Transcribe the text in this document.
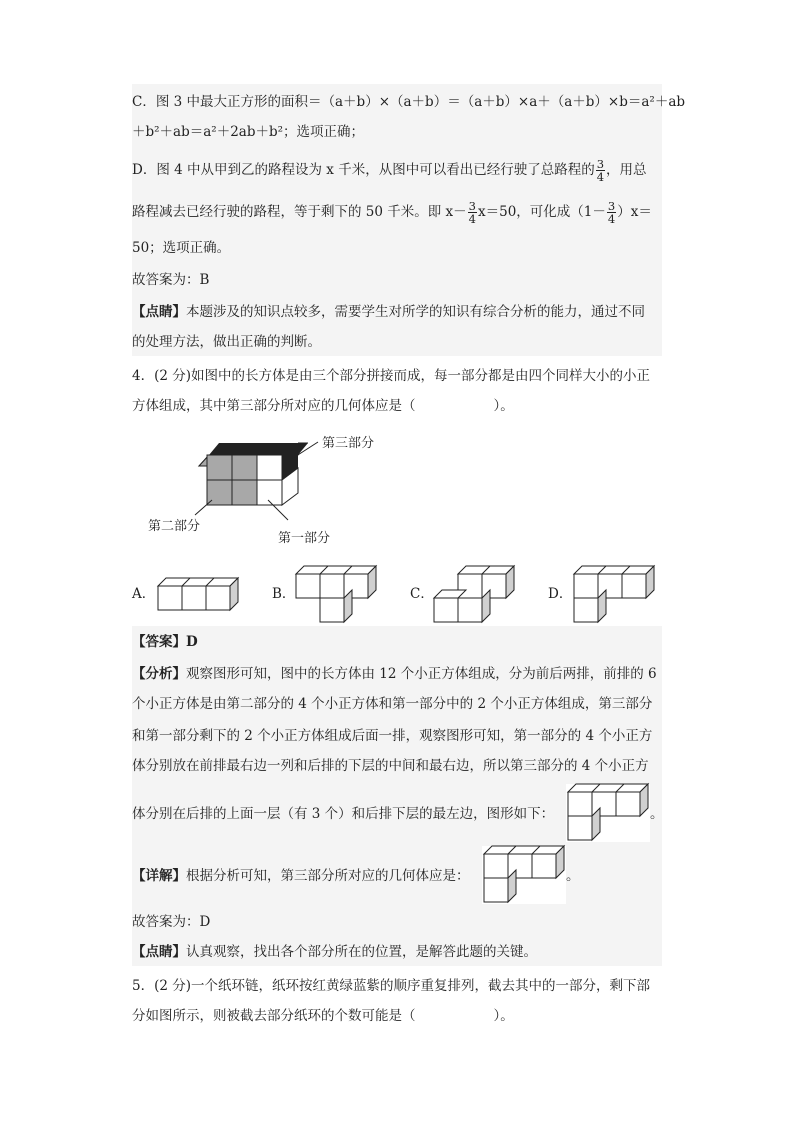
C．图 3 中最大正方形的面积＝（a＋b）×（a＋b）＝（a＋b）×a＋（a＋b）×b＝a²＋ab
＋b²＋ab＝a²＋2ab＋b²；选项正确；
D．图 4 中从甲到乙的路程设为 x 千米，从图中可以看出已经行驶了总路程的 $\frac{3}{4}$ ，用总
路程减去已经行驶的路程，等于剩下的 50 千米。即 $x- \frac{3}{4} x=50$，可化成$(1- \frac{3}{4} )x=$
50；选项正确。
故答案为：B
【点睛】本题涉及的知识点较多，需要学生对所学的知识有综合分析的能力，通过不同
的处理方法，做出正确的判断。
4．(2 分)如图中的长方体是由三个部分拼接而成，每一部分都是由四个同样大小的小正
方体组成，其中第三部分所对应的几何体应是（	）。
第三部分
第二部分
第一部分
A．	B．	C．	D．
【答案】D
【分析】观察图形可知，图中的长方体由 12 个小正方体组成，分为前后两排，前排的 6
个小正方体是由第二部分的 4 个小正方体和第一部分中的 2 个小正方体组成，第三部分
和第一部分剩下的 2 个小正方体组成后面一排，观察图形可知，第一部分的 4 个小正方
体分别放在前排最右边一列和后排的下层的中间和最右边，所以第三部分的 4 个小正方
体分别在后排的上面一层（有 3 个）和后排下层的最左边，图形如下：	。
【详解】根据分析可知，第三部分所对应的几何体应是：	。
故答案为：D
【点睛】认真观察，找出各个部分所在的位置，是解答此题的关键。
5．(2 分)一个纸环链，纸环按红黄绿蓝紫的顺序重复排列，截去其中的一部分，剩下部
分如图所示，则被截去部分纸环的个数可能是（	）。
